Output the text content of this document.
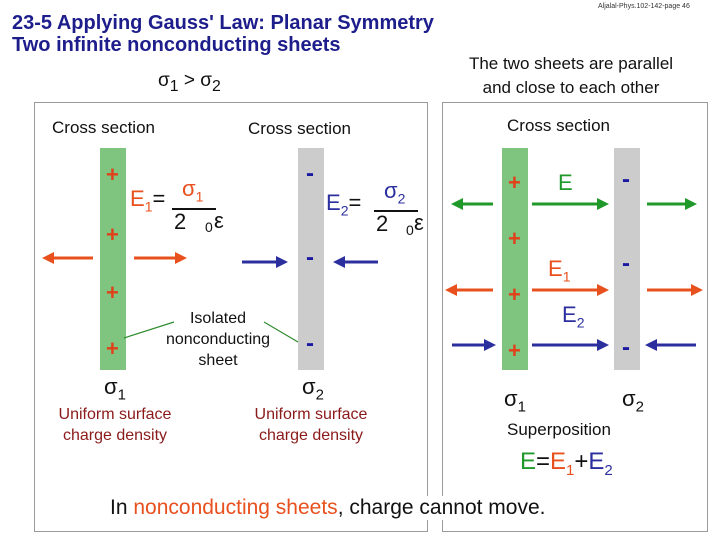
23-5 Applying Gauss' Law: Planar Symmetry
Two infinite nonconducting sheets
Aljalal-Phys.102-142-page 46
$\sigma_1 > \sigma_2$
The two sheets are parallel
and close to each other
Cross section	Cross section	Cross section
+
+
+
+
-
-
-
$E_1= \sigma_1$
2 0 ε
$E_2= \sigma_2$
2 0 ε
Isolated
nonconducting
sheet
$\sigma_1$	$\sigma_2$
Uniform surface
charge density
Uniform surface
charge density
+
+
+
+
-
-
-
E
$E_1$
$E_2$
$\sigma_1$	$\sigma_2$
Superposition
$E=E_1+E_2$
In nonconducting sheets, charge cannot move.
